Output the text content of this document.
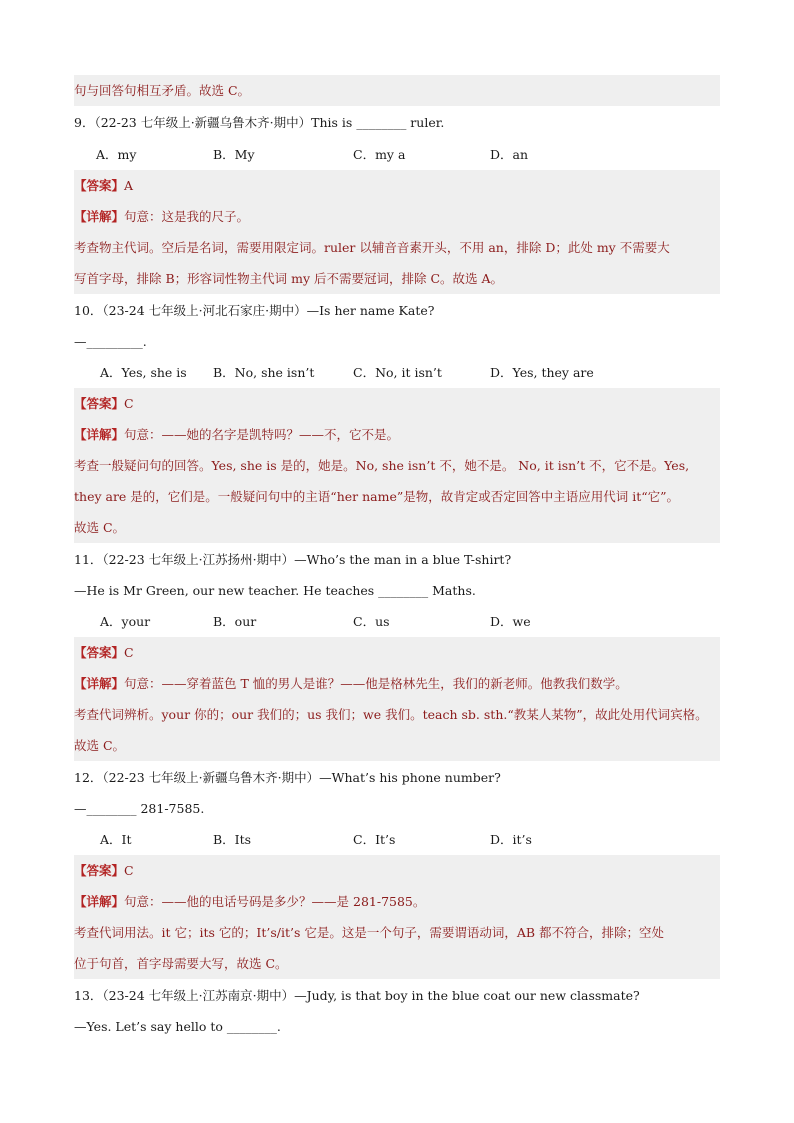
句与回答句相互矛盾。故选 C。
9．（22-23 七年级上·新疆乌鲁木齐·期中）This is ________ ruler.
A．my	B．My	C．my a	D．an
【答案】A
【详解】句意：这是我的尺子。
考查物主代词。空后是名词，需要用限定词。ruler 以辅音音素开头，不用 an，排除 D；此处 my 不需要大
写首字母，排除 B；形容词性物主代词 my 后不需要冠词，排除 C。故选 A。
10．（23-24 七年级上·河北石家庄·期中）—Is her name Kate?
—_________.
A．Yes, she is B．No, she isn’t	C．No, it isn’t	D．Yes, they are
【答案】C
【详解】句意：——她的名字是凯特吗？——不，它不是。
考查一般疑问句的回答。Yes, she is 是的，她是。No, she isn’t 不，她不是。 No, it isn’t 不，它不是。Yes,
they are 是的，它们是。一般疑问句中的主语“her name”是物，故肯定或否定回答中主语应用代词 it“它”。
故选 C。
11．（22-23 七年级上·江苏扬州·期中）—Who’s the man in a blue T-shirt?
—He is Mr Green, our new teacher. He teaches ________ Maths.
A．your	B．our	C．us	D．we
【答案】C
【详解】句意：——穿着蓝色 T 恤的男人是谁？——他是格林先生，我们的新老师。他教我们数学。
考查代词辨析。your 你的；our 我们的；us 我们；we 我们。teach sb. sth.“教某人某物”，故此处用代词宾格。
故选 C。
12．（22-23 七年级上·新疆乌鲁木齐·期中）—What’s his phone number?
—________ 281-7585.
A．It	B．Its	C．It’s	D．it’s
【答案】C
【详解】句意：——他的电话号码是多少？——是 281-7585。
考查代词用法。it 它；its 它的；It’s/it’s 它是。这是一个句子，需要谓语动词，AB 都不符合，排除；空处
位于句首，首字母需要大写，故选 C。
13．（23-24 七年级上·江苏南京·期中）—Judy, is that boy in the blue coat our new classmate?
—Yes. Let’s say hello to ________.
